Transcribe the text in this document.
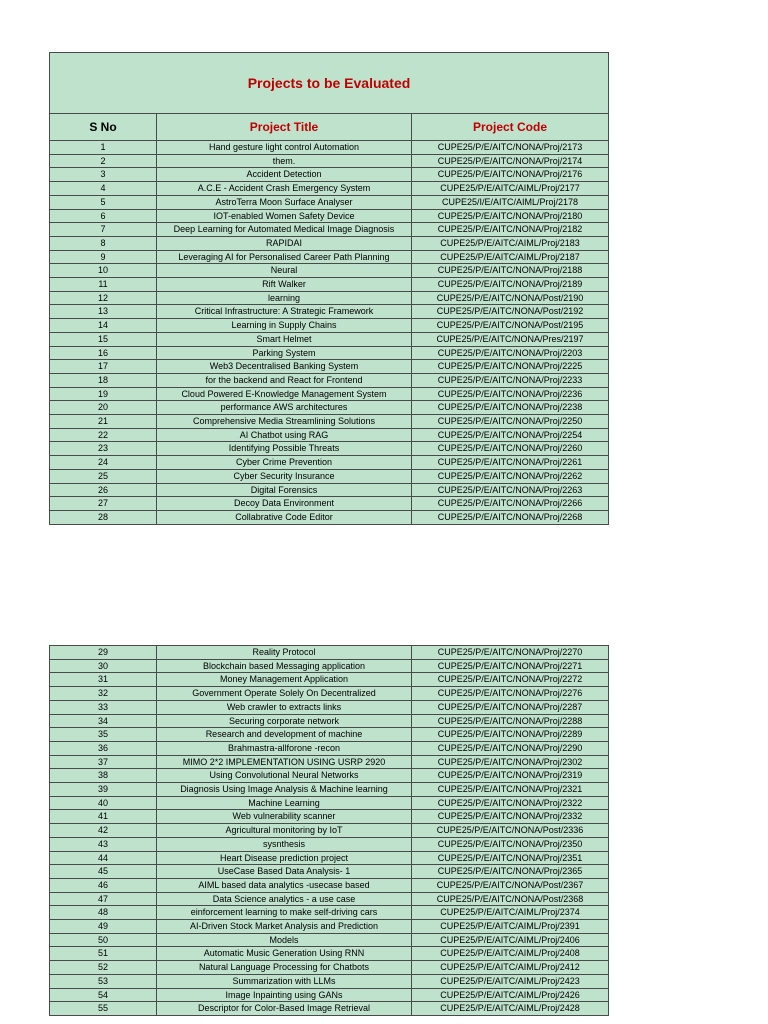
Projects to be Evaluated		
S No	Project Title	Project Code
1	Hand gesture light control Automation	CUPE25/P/E/AITC/NONA/Proj/2173
2	them.	CUPE25/P/E/AITC/NONA/Proj/2174
3	Accident Detection	CUPE25/P/E/AITC/NONA/Proj/2176
4	A.C.E - Accident Crash Emergency System	CUPE25/P/E/AITC/AIML/Proj/2177
5	AstroTerra Moon Surface Analyser	CUPE25/I/E/AITC/AIML/Proj/2178
6	IOT-enabled Women Safety Device	CUPE25/P/E/AITC/NONA/Proj/2180
7	Deep Learning for Automated Medical Image Diagnosis	CUPE25/P/E/AITC/NONA/Proj/2182
8	RAPIDAI	CUPE25/P/E/AITC/AIML/Proj/2183
9	Leveraging AI for Personalised Career Path Planning	CUPE25/P/E/AITC/AIML/Proj/2187
10	Neural	CUPE25/P/E/AITC/NONA/Proj/2188
11	Rift Walker	CUPE25/P/E/AITC/NONA/Proj/2189
12	learning	CUPE25/P/E/AITC/NONA/Post/2190
13	Critical Infrastructure: A Strategic Framework	CUPE25/P/E/AITC/NONA/Post/2192
14	Learning in Supply Chains	CUPE25/P/E/AITC/NONA/Post/2195
15	Smart Helmet	CUPE25/P/E/AITC/NONA/Pres/2197
16	Parking System	CUPE25/P/E/AITC/NONA/Proj/2203
17	Web3 Decentralised Banking System	CUPE25/P/E/AITC/NONA/Proj/2225
18	for the backend and React for Frontend	CUPE25/P/E/AITC/NONA/Proj/2233
19	Cloud Powered E-Knowledge Management System	CUPE25/P/E/AITC/NONA/Proj/2236
20	performance AWS architectures	CUPE25/P/E/AITC/NONA/Proj/2238
21	Comprehensive Media Streamlining Solutions	CUPE25/P/E/AITC/NONA/Proj/2250
22	AI Chatbot using RAG	CUPE25/P/E/AITC/NONA/Proj/2254
23	Identifying Possible Threats	CUPE25/P/E/AITC/NONA/Proj/2260
24	Cyber Crime Prevention	CUPE25/P/E/AITC/NONA/Proj/2261
25	Cyber Security Insurance	CUPE25/P/E/AITC/NONA/Proj/2262
26	Digital Forensics	CUPE25/P/E/AITC/NONA/Proj/2263
27	Decoy Data Environment	CUPE25/P/E/AITC/NONA/Proj/2266
28	Collabrative Code Editor	CUPE25/P/E/AITC/NONA/Proj/2268
29	Reality Protocol	CUPE25/P/E/AITC/NONA/Proj/2270
30	Blockchain based Messaging application	CUPE25/P/E/AITC/NONA/Proj/2271
31	Money Management Application	CUPE25/P/E/AITC/NONA/Proj/2272
32	Government Operate Solely On Decentralized	CUPE25/P/E/AITC/NONA/Proj/2276
33	Web crawler to extracts links	CUPE25/P/E/AITC/NONA/Proj/2287
34	Securing corporate network	CUPE25/P/E/AITC/NONA/Proj/2288
35	Research and development of machine	CUPE25/P/E/AITC/NONA/Proj/2289
36	Brahmastra-allforone -recon	CUPE25/P/E/AITC/NONA/Proj/2290
37	MIMO 2*2 IMPLEMENTATION USING USRP 2920	CUPE25/P/E/AITC/NONA/Proj/2302
38	Using Convolutional Neural Networks	CUPE25/P/E/AITC/NONA/Proj/2319
39	Diagnosis Using Image Analysis & Machine learning	CUPE25/P/E/AITC/NONA/Proj/2321
40	Machine Learning	CUPE25/P/E/AITC/NONA/Proj/2322
41	Web vulnerability scanner	CUPE25/P/E/AITC/NONA/Proj/2332
42	Agricultural monitoring by IoT	CUPE25/P/E/AITC/NONA/Post/2336
43	sysnthesis	CUPE25/P/E/AITC/NONA/Proj/2350
44	Heart Disease prediction project	CUPE25/P/E/AITC/NONA/Proj/2351
45	UseCase Based Data Analysis- 1	CUPE25/P/E/AITC/NONA/Proj/2365
46	AIML based data analytics -usecase based	CUPE25/P/E/AITC/NONA/Post/2367
47	Data Science analytics - a use case	CUPE25/P/E/AITC/NONA/Post/2368
48	einforcement learning to make self-driving cars	CUPE25/P/E/AITC/AIML/Proj/2374
49	AI-Driven Stock Market Analysis and Prediction	CUPE25/P/E/AITC/AIML/Proj/2391
50	Models	CUPE25/P/E/AITC/AIML/Proj/2406
51	Automatic Music Generation Using RNN	CUPE25/P/E/AITC/AIML/Proj/2408
52	Natural Language Processing for Chatbots	CUPE25/P/E/AITC/AIML/Proj/2412
53	Summarization with LLMs	CUPE25/P/E/AITC/AIML/Proj/2423
54	Image Inpainting using GANs	CUPE25/P/E/AITC/AIML/Proj/2426
55	Descriptor for Color-Based Image Retrieval	CUPE25/P/E/AITC/AIML/Proj/2428
